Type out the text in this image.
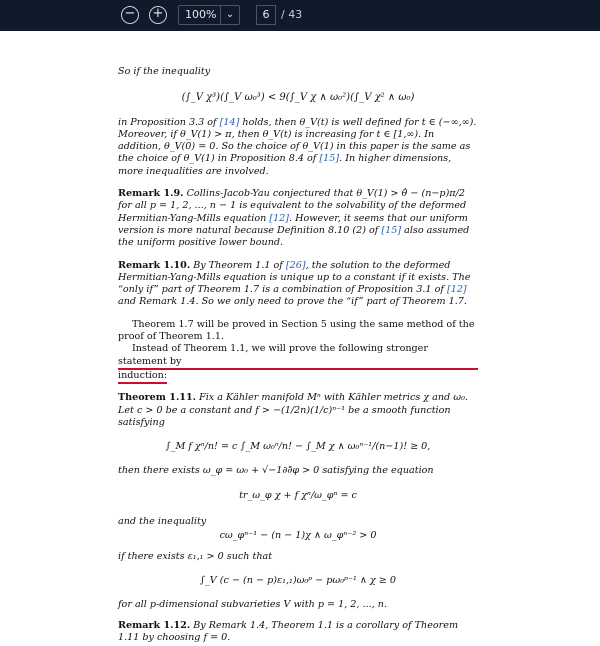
− +	100% ⌄	6	/ 43

So if the inequality

(∫_V χ³)(∫_V ω₀³) < 9(∫_V χ ∧ ω₀²)(∫_V χ² ∧ ω₀)

in Proposition 3.3 of [14] holds, then θ_V(t) is well defined for t ∈ (−∞,∞). Moreover, if θ_V(1) > π, then θ_V(t) is increasing for t ∈ [1,∞). In addition, θ_V(0) = 0. So the choice of θ_V(1) in this paper is the same as the choice of θ_V(1) in Proposition 8.4 of [15]. In higher dimensions, more inequalities are involved.

Remark 1.9. Collins-Jacob-Yau conjectured that θ_V(1) > θ̂ − (n−p)π/2 for all p = 1, 2, ..., n − 1 is equivalent to the solvability of the deformed Hermitian-Yang-Mills equation [12]. However, it seems that our uniform version is more natural because Definition 8.10 (2) of [15] also assumed the uniform positive lower bound.

Remark 1.10. By Theorem 1.1 of [26], the solution to the deformed Hermitian-Yang-Mills equation is unique up to a constant if it exists. The “only if” part of Theorem 1.7 is a combination of Proposition 3.1 of [12] and Remark 1.4. So we only need to prove the “if” part of Theorem 1.7.

Theorem 1.7 will be proved in Section 5 using the same method of the proof of Theorem 1.1.

Instead of Theorem 1.1, we will prove the following stronger statement by
induction:

Theorem 1.11. Fix a Kähler manifold Mⁿ with Kähler metrics χ and ω₀. Let c > 0 be a constant and f > −(1/2n)(1/c)ⁿ⁻¹ be a smooth function satisfying

∫_M f χⁿ/n! = c ∫_M ω₀ⁿ/n! − ∫_M χ ∧ ω₀ⁿ⁻¹/(n−1)! ≥ 0,

then there exists ω_φ = ω₀ + √−1∂∂̄φ > 0 satisfying the equation

tr_ω_φ χ + f χⁿ/ω_φⁿ = c

and the inequality

cω_φⁿ⁻¹ − (n − 1)χ ∧ ω_φⁿ⁻² > 0

if there exists ε₁,₁ > 0 such that

∫_V (c − (n − p)ε₁,₁)ω₀ᵖ − pω₀ᵖ⁻¹ ∧ χ ≥ 0

for all p-dimensional subvarieties V with p = 1, 2, ..., n.

Remark 1.12. By Remark 1.4, Theorem 1.1 is a corollary of Theorem 1.11 by choosing f = 0.
